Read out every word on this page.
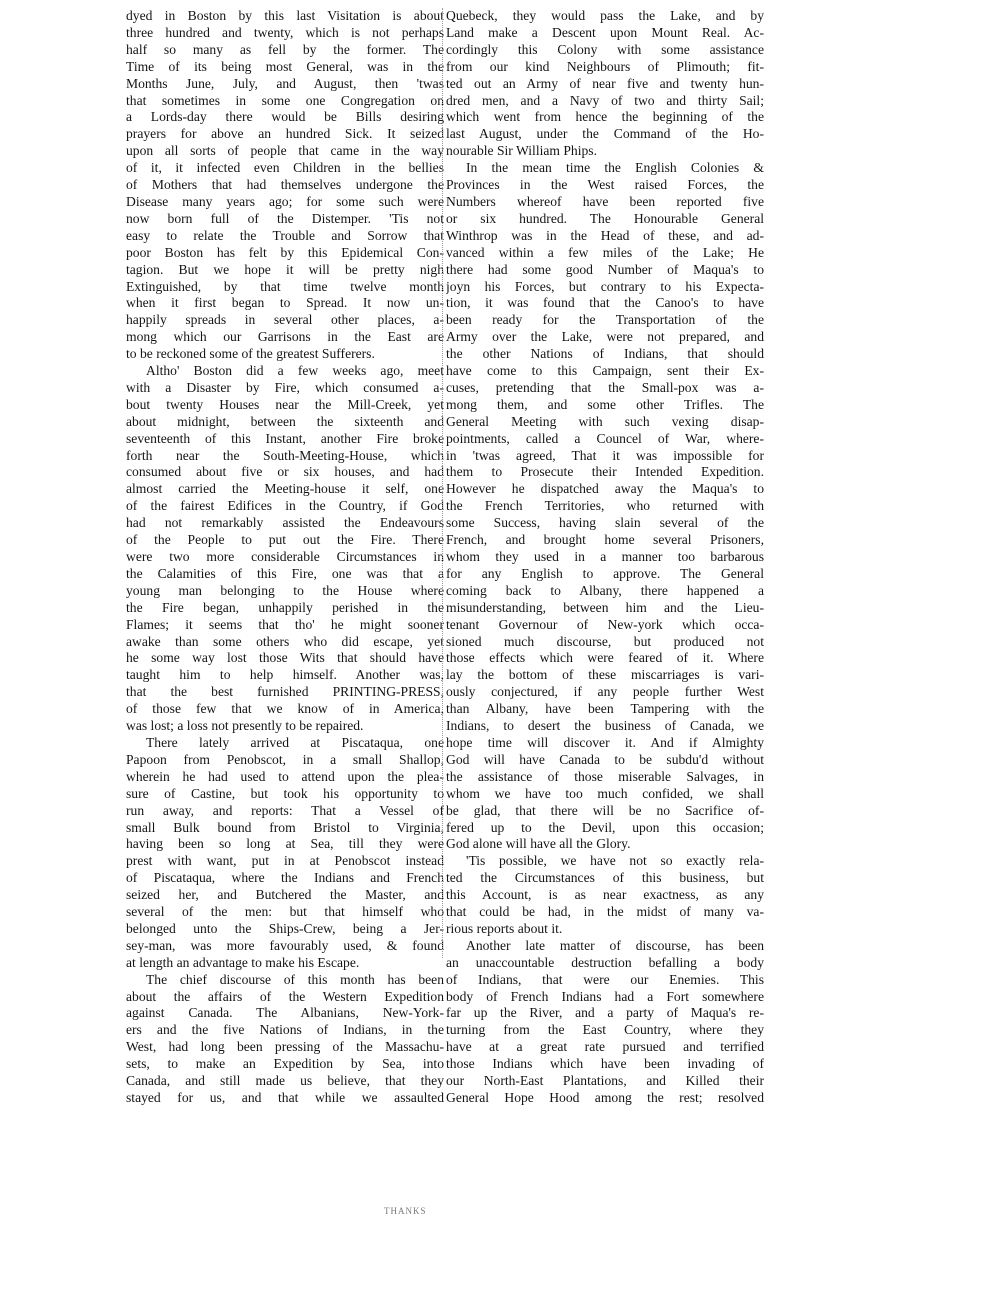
dyed in Boston by this last Visitation is about
three hundred and twenty, which is not perhaps
half so many as fell by the former. The
Time of its being most General, was in the
Months June, July, and August, then 'twas
that sometimes in some one Congregation on
a Lords-day there would be Bills desiring
prayers for above an hundred Sick. It seized
upon all sorts of people that came in the way
of it, it infected even Children in the bellies
of Mothers that had themselves undergone the
Disease many years ago; for some such were
now born full of the Distemper. 'Tis not
easy to relate the Trouble and Sorrow that
poor Boston has felt by this Epidemical Con-
tagion. But we hope it will be pretty nigh
Extinguished, by that time twelve month
when it first began to Spread. It now un-
happily spreads in several other places, a-
mong which our Garrisons in the East are
to be reckoned some of the greatest Sufferers.
Altho' Boston did a few weeks ago, meet
with a Disaster by Fire, which consumed a-
bout twenty Houses near the Mill-Creek, yet
about midnight, between the sixteenth and
seventeenth of this Instant, another Fire broke
forth near the South-Meeting-House, which
consumed about five or six houses, and had
almost carried the Meeting-house it self, one
of the fairest Edifices in the Country, if God
had not remarkably assisted the Endeavours
of the People to put out the Fire. There
were two more considerable Circumstances in
the Calamities of this Fire, one was that a
young man belonging to the House where
the Fire began, unhappily perished in the
Flames; it seems that tho' he might sooner
awake than some others who did escape, yet
he some way lost those Wits that should have
taught him to help himself. Another was,
that the best furnished PRINTING-PRESS,
of those few that we know of in America,
was lost; a loss not presently to be repaired.
There lately arrived at Piscataqua, one
Papoon from Penobscot, in a small Shallop,
wherein he had used to attend upon the plea-
sure of Castine, but took his opportunity to
run away, and reports: That a Vessel of
small Bulk bound from Bristol to Virginia,
having been so long at Sea, till they were
prest with want, put in at Penobscot instead
of Piscataqua, where the Indians and French
seized her, and Butchered the Master, and
several of the men: but that himself who
belonged unto the Ships-Crew, being a Jer-
sey-man, was more favourably used, & found
at length an advantage to make his Escape.
The chief discourse of this month has been
about the affairs of the Western Expedition
against Canada. The Albanians, New-York-
ers and the five Nations of Indians, in the
West, had long been pressing of the Massachu-
sets, to make an Expedition by Sea, into
Canada, and still made us believe, that they
stayed for us, and that while we assaulted
Quebeck, they would pass the Lake, and by
Land make a Descent upon Mount Real. Ac-
cordingly this Colony with some assistance
from our kind Neighbours of Plimouth; fit-
ted out an Army of near five and twenty hun-
dred men, and a Navy of two and thirty Sail;
which went from hence the beginning of the
last August, under the Command of the Ho-
nourable Sir William Phips.
In the mean time the English Colonies &
Provinces in the West raised Forces, the
Numbers whereof have been reported five
or six hundred. The Honourable General
Winthrop was in the Head of these, and ad-
vanced within a few miles of the Lake; He
there had some good Number of Maqua's to
joyn his Forces, but contrary to his Expecta-
tion, it was found that the Canoo's to have
been ready for the Transportation of the
Army over the Lake, were not prepared, and
the other Nations of Indians, that should
have come to this Campaign, sent their Ex-
cuses, pretending that the Small-pox was a-
mong them, and some other Trifles. The
General Meeting with such vexing disap-
pointments, called a Councel of War, where-
in 'twas agreed, That it was impossible for
them to Prosecute their Intended Expedition.
However he dispatched away the Maqua's to
the French Territories, who returned with
some Success, having slain several of the
French, and brought home several Prisoners,
whom they used in a manner too barbarous
for any English to approve. The General
coming back to Albany, there happened a
misunderstanding, between him and the Lieu-
tenant Governour of New-york which occa-
sioned much discourse, but produced not
those effects which were feared of it. Where
lay the bottom of these miscarriages is vari-
ously conjectured, if any people further West
than Albany, have been Tampering with the
Indians, to desert the business of Canada, we
hope time will discover it. And if Almighty
God will have Canada to be subdu'd without
the assistance of those miserable Salvages, in
whom we have too much confided, we shall
be glad, that there will be no Sacrifice of-
fered up to the Devil, upon this occasion;
God alone will have all the Glory.
'Tis possible, we have not so exactly rela-
ted the Circumstances of this business, but
this Account, is as near exactness, as any
that could be had, in the midst of many va-
rious reports about it.
Another late matter of discourse, has been
an unaccountable destruction befalling a body
of Indians, that were our Enemies. This
body of French Indians had a Fort somewhere
far up the River, and a party of Maqua's re-
turning from the East Country, where they
have at a great rate pursued and terrified
those Indians which have been invading of
our North-East Plantations, and Killed their
General Hope Hood among the rest; resolved
THANKS
